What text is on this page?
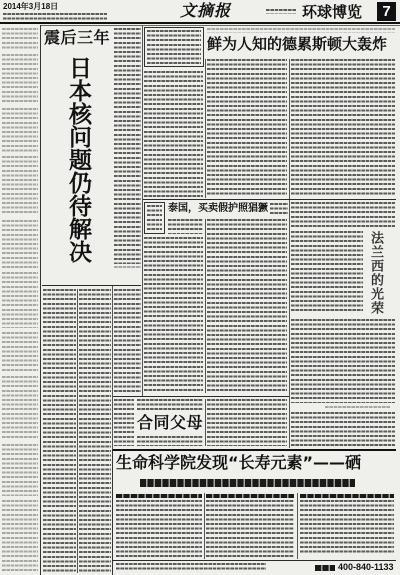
2014年3月18日	文摘报	环球博览	7
震后三年
日本核问题仍待解决
鲜为人知的德累斯顿大轰炸
泰国，买卖假护照猖獗
法兰西的光荣
合同父母
生命科学院发现“长寿元素”——硒
400-840-1133
